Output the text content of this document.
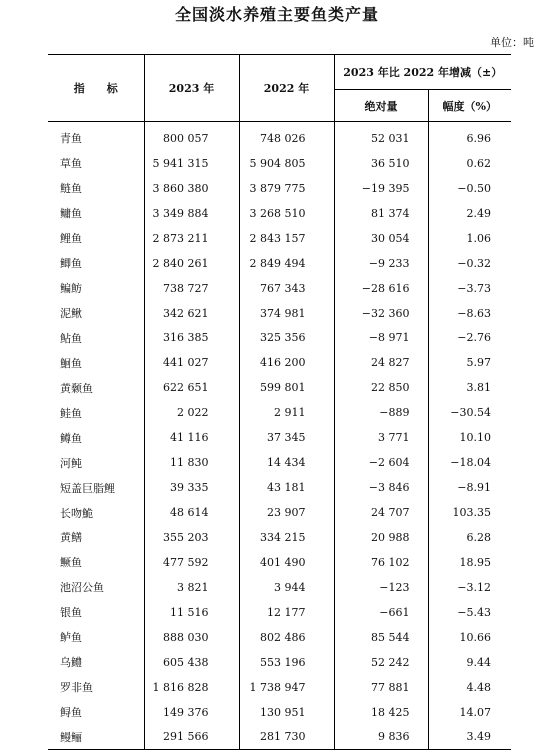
全国淡水养殖主要鱼类产量
单位：吨
指　　标	2023 年	2022 年	2023 年比 2022 年增减（±）	
			绝对量	幅度（%）
青鱼	800 057	748 026	52 031	6.96
草鱼	5 941 315	5 904 805	36 510	0.62
鲢鱼	3 860 380	3 879 775	−19 395	−0.50
鳙鱼	3 349 884	3 268 510	81 374	2.49
鲤鱼	2 873 211	2 843 157	30 054	1.06
鲫鱼	2 840 261	2 849 494	−9 233	−0.32
鳊鲂	738 727	767 343	−28 616	−3.73
泥鳅	342 621	374 981	−32 360	−8.63
鲇鱼	316 385	325 356	−8 971	−2.76
鮰鱼	441 027	416 200	24 827	5.97
黄颡鱼	622 651	599 801	22 850	3.81
鲑鱼	2 022	2 911	−889	−30.54
鳟鱼	41 116	37 345	3 771	10.10
河鲀	11 830	14 434	−2 604	−18.04
短盖巨脂鲤	39 335	43 181	−3 846	−8.91
长吻鮠	48 614	23 907	24 707	103.35
黄鳝	355 203	334 215	20 988	6.28
鳜鱼	477 592	401 490	76 102	18.95
池沼公鱼	3 821	3 944	−123	−3.12
银鱼	11 516	12 177	−661	−5.43
鲈鱼	888 030	802 486	85 544	10.66
乌鳢	605 438	553 196	52 242	9.44
罗非鱼	1 816 828	1 738 947	77 881	4.48
鲟鱼	149 376	130 951	18 425	14.07
鳗鲡	291 566	281 730	9 836	3.49
